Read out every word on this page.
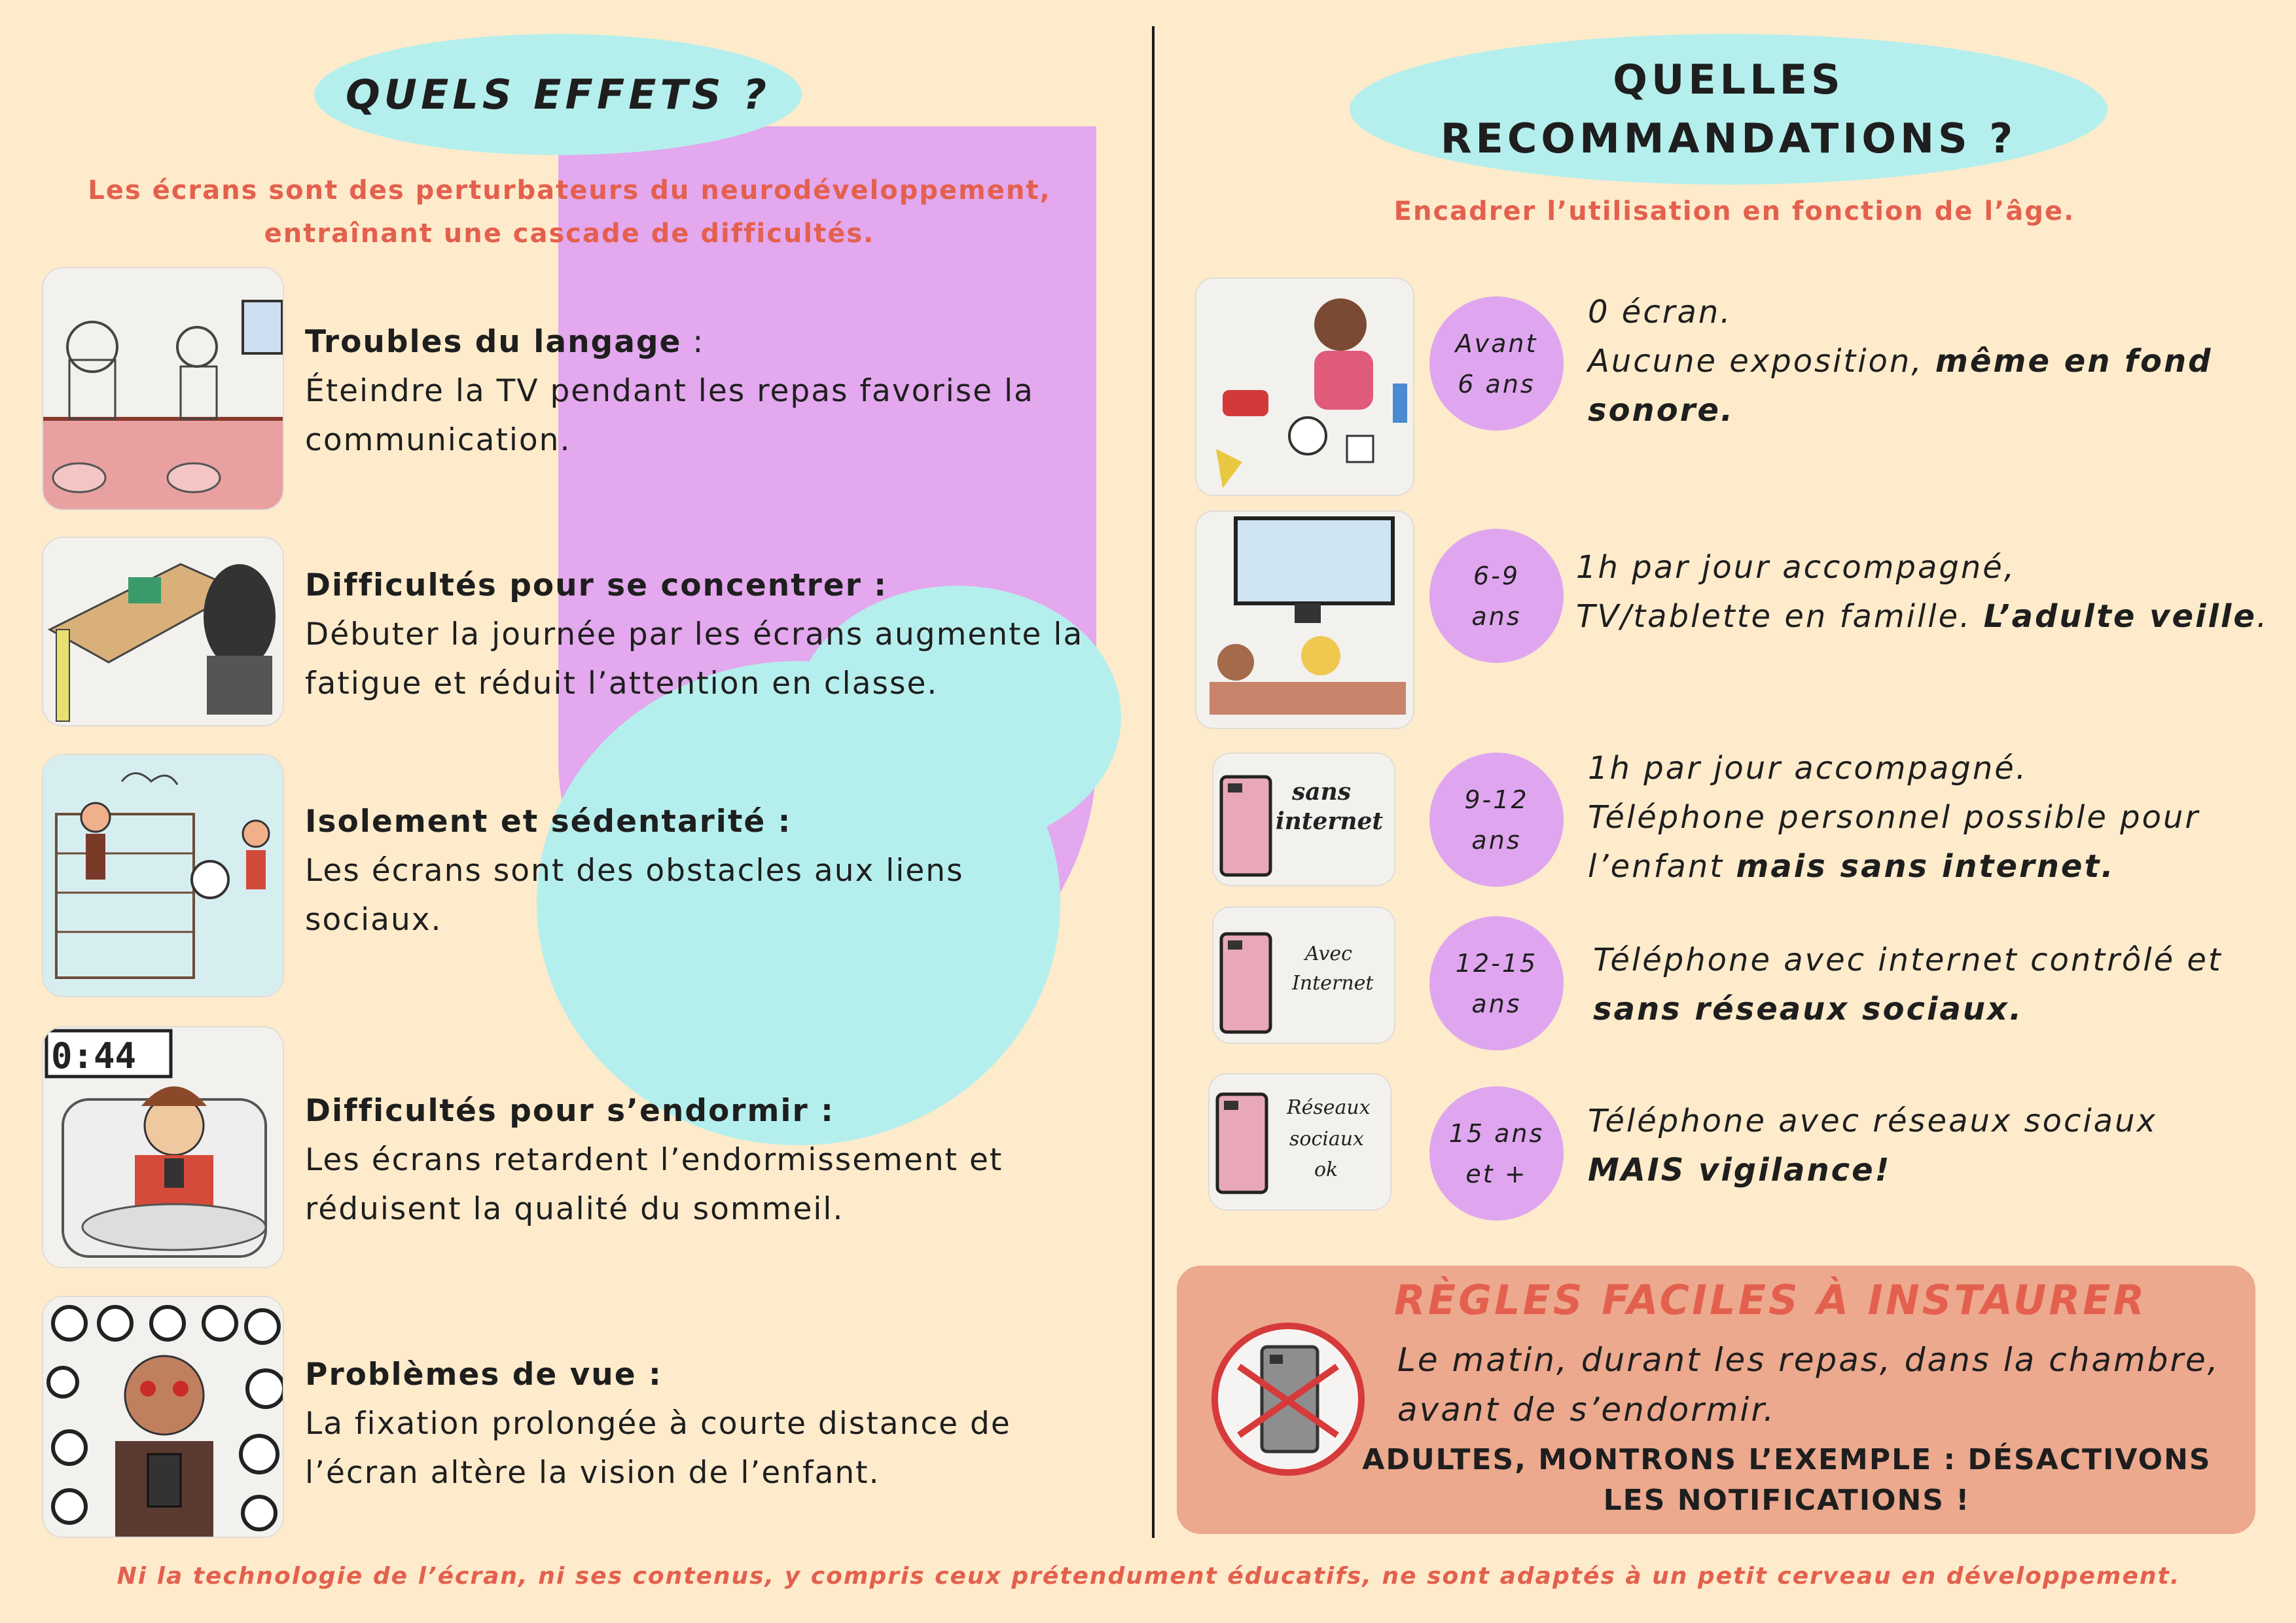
QUELS EFFETS ?
Les écrans sont des perturbateurs du neurodéveloppement,
entraînant une cascade de difficultés.
0:44
Troubles du langage :
Éteindre la TV pendant les repas favorise la communication.
Difficultés pour se concentrer :
Débuter la journée par les écrans augmente la fatigue et réduit l’attention en classe.
Isolement et sédentarité :
Les écrans sont des obstacles aux liens sociaux.
Difficultés pour s’endormir :
Les écrans retardent l’endormissement et réduisent la qualité du sommeil.
Problèmes de vue :
La fixation prolongée à courte distance de l’écran altère la vision de l’enfant.
QUELLES
RECOMMANDATIONS ?
Encadrer l’utilisation en fonction de l’âge.
Avant
6 ans
0 écran.
Aucune exposition, même en fond
sonore.
6-9
ans
1h par jour accompagné,
TV/tablette en famille. L’adulte veille.
sans
internet
9-12
ans
1h par jour accompagné.
Téléphone personnel possible pour
l’enfant mais sans internet.
Avec
Internet
12-15
ans
Téléphone avec internet contrôlé et
sans réseaux sociaux.
Réseaux
sociaux
ok
15 ans
et +
Téléphone avec réseaux sociaux
MAIS vigilance!
RÈGLES FACILES À INSTAURER
Le matin, durant les repas, dans la chambre,
avant de s’endormir.
ADULTES, MONTRONS L’EXEMPLE : DÉSACTIVONS
LES NOTIFICATIONS !
Ni la technologie de l’écran, ni ses contenus, y compris ceux prétendument éducatifs, ne sont adaptés à un petit cerveau en développement.
